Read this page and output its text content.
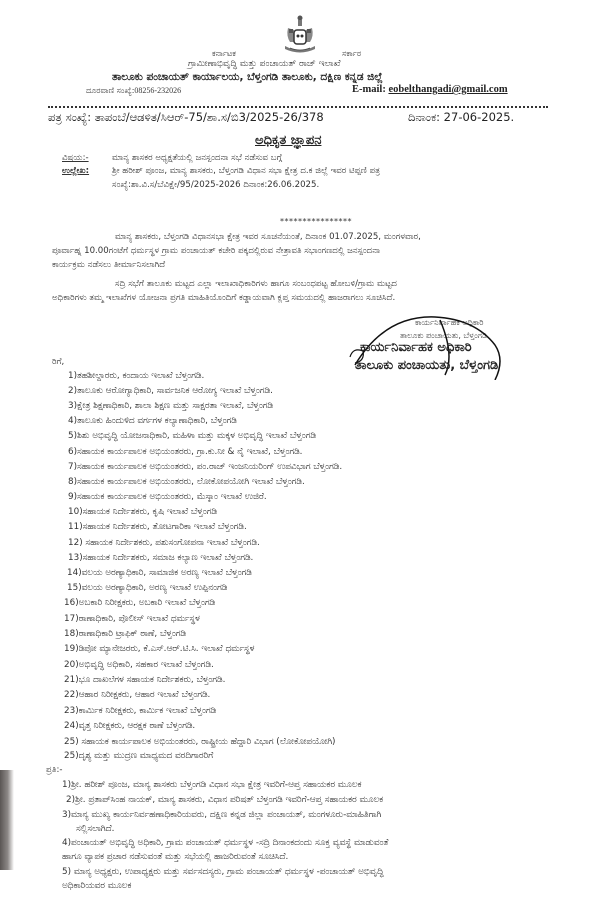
ಕರ್ನಾಟಕ	ಸರ್ಕಾರ
ಗ್ರಾಮೀಣಾಭಿವೃದ್ಧಿ ಮತ್ತು ಪಂಚಾಯತ್ ರಾಜ್ ಇಲಾಖೆ
ತಾಲೂಕು ಪಂಚಾಯತ್ ಕಾರ್ಯಾಲಯ, ಬೆಳ್ತಂಗಡಿ ತಾಲೂಕು, ದಕ್ಷಿಣ ಕನ್ನಡ ಜಿಲ್ಲೆ
ದೂರವಾಣಿ ಸಂಖ್ಯೆ:08256-232026	E-mail: eobelthangadi@gmail.com
ಪತ್ರ ಸಂಖ್ಯೆ: ತಾಪಂಬೆ/ಆಡಳಿತ/ಸಿಆರ್-75/ಶಾ.ಸ/ಬಿ3/2025-26/378	ದಿನಾಂಕ: 27-06-2025.
ಅಧಿಕೃತ ಜ್ಞಾಪನ
ವಿಷಯ:-	ಮಾನ್ಯ ಶಾಸಕರ ಅಧ್ಯಕ್ಷತೆಯಲ್ಲಿ ಜನಸ್ಪಂದನಾ ಸಭೆ ನಡೆಸುವ ಬಗ್ಗೆ
ಉಲ್ಲೇಖ:	ಶ್ರೀ ಹರೀಶ್ ಪೂಂಜ, ಮಾನ್ಯ ಶಾಸಕರು, ಬೆಳ್ತಂಗಡಿ ವಿಧಾನ ಸಭಾ ಕ್ಷೇತ್ರ ದ.ಕ ಜಿಲ್ಲೆ ಇವರ ಟಿಪ್ಪಣಿ ಪತ್ರ
ಸಂಖ್ಯೆ:ಶಾ.ವಿ.ಸ/ಬೆವಿಕ್ಷೇ/95/2025-2026 ದಿನಾಂಕ:26.06.2025.
****************
ಮಾನ್ಯ ಶಾಸಕರು, ಬೆಳ್ತಂಗಡಿ ವಿಧಾನಸಭಾ ಕ್ಷೇತ್ರ ಇವರ ಸೂಚನೆಯಂತೆ, ದಿನಾಂಕ 01.07.2025, ಮಂಗಳವಾರ,
ಪೂರ್ವಾಹ್ನ 10.00ಗಂಟೆಗೆ ಧರ್ಮಸ್ಥಳ ಗ್ರಾಮ ಪಂಚಾಯತ್ ಕಚೇರಿ ಪಕ್ಕದಲ್ಲಿರುವ ನೇತ್ರಾವತಿ ಸಭಾಂಗಣದಲ್ಲಿ ಜನಸ್ಪಂದನಾ
ಕಾರ್ಯಕ್ರಮ ನಡೆಸಲು ತೀರ್ಮಾನಿಸಲಾಗಿದೆ
ಸದ್ರಿ ಸಭೆಗೆ ತಾಲೂಕು ಮಟ್ಟದ ಎಲ್ಲಾ ಇಲಾಖಾಧಿಕಾರಿಗಳು ಹಾಗೂ ಸಂಬಂಧಪಟ್ಟ ಹೋಬಳಿ/ಗ್ರಾಮ ಮಟ್ಟದ
ಅಧಿಕಾರಿಗಳು ತಮ್ಮ ಇಲಾಖೆಗಳ ಯೋಜನಾ ಪ್ರಗತಿ ಮಾಹಿತಿಯೊಂದಿಗೆ ಕಡ್ಡಾಯವಾಗಿ ಕ್ಲಪ್ತ ಸಮಯದಲ್ಲಿ ಹಾಜರಾಗಲು ಸೂಚಿಸಿದೆ.
ಕಾರ್ಯನಿರ್ವಾಹಕ ಅಧಿಕಾರಿ
ತಾಲೂಕು ಪಂಚಾಯತು, ಬೆಳ್ತಂಗಡಿ.
ಕಾರ್ಯನಿರ್ವಾಹಕ ಅಧಿಕಾರಿ
ತಾಲೂಕು ಪಂಚಾಯತು, ಬೆಳ್ತಂಗಡಿ
ರಿಗೆ,
1)ತಹಶೀಲ್ದಾರರು, ಕಂದಾಯ ಇಲಾಖೆ ಬೆಳ್ತಂಗಡಿ.
2)ತಾಲೂಕು ಆರೋಗ್ಯಾಧಿಕಾರಿ, ಸಾರ್ವಜನಿಕ ಆರೋಗ್ಯ ಇಲಾಖೆ ಬೆಳ್ತಂಗಡಿ.
3)ಕ್ಷೇತ್ರ ಶಿಕ್ಷಣಾಧಿಕಾರಿ, ಶಾಲಾ ಶಿಕ್ಷಣ ಮತ್ತು ಸಾಕ್ಷರತಾ ಇಲಾಖೆ, ಬೆಳ್ತಂಗಡಿ
4)ತಾಲೂಕು ಹಿಂದುಳಿದ ವರ್ಗಗಳ ಕಲ್ಯಾಣಾಧಿಕಾರಿ, ಬೆಳ್ತಂಗಡಿ
5)ಶಿಶು ಅಭಿವೃದ್ಧಿ ಯೋಜನಾಧಿಕಾರಿ, ಮಹಿಳಾ ಮತ್ತು ಮಕ್ಕಳ ಅಭಿವೃದ್ಧಿ ಇಲಾಖೆ ಬೆಳ್ತಂಗಡಿ
6)ಸಹಾಯಕ ಕಾರ್ಯಪಾಲಕ ಅಭಿಯಂತರರು, ಗ್ರಾ.ಕು.ನೀ & ನೈ ಇಲಾಖೆ, ಬೆಳ್ತಂಗಡಿ.
7)ಸಹಾಯಕ ಕಾರ್ಯಪಾಲಕ ಅಭಿಯಂತರರು, ಪಂ.ರಾಜ್ ಇಂಜನಿಯರಿಂಗ್ ಉಪವಿಭಾಗ ಬೆಳ್ತಂಗಡಿ.
8)ಸಹಾಯಕ ಕಾರ್ಯಪಾಲಕ ಅಭಿಯಂತರರು, ಲೋಕೋಪಯೋಗಿ ಇಲಾಖೆ ಬೆಳ್ತಂಗಡಿ.
9)ಸಹಾಯಕ ಕಾರ್ಯಪಾಲಕ ಅಭಿಯಂತರರು, ಮೆಸ್ಕಾಂ ಇಲಾಖೆ ಉಜಿರೆ.
10)ಸಹಾಯಕ ನಿರ್ದೇಶಕರು, ಕೃಷಿ ಇಲಾಖೆ ಬೆಳ್ತಂಗಡಿ
11)ಸಹಾಯಕ ನಿರ್ದೇಶಕರು, ತೋಟಗಾರಿಕಾ ಇಲಾಖೆ ಬೆಳ್ತಂಗಡಿ.
12) ಸಹಾಯಕ ನಿರ್ದೇಶಕರು, ಪಶುಸಂಗೋಪನಾ ಇಲಾಖೆ ಬೆಳ್ತಂಗಡಿ.
13)ಸಹಾಯಕ ನಿರ್ದೇಶಕರು, ಸಮಾಜ ಕಲ್ಯಾಣ ಇಲಾಖೆ ಬೆಳ್ತಂಗಡಿ.
14)ವಲಯ ಅರಣ್ಯಾಧಿಕಾರಿ, ಸಾಮಾಜಿಕ ಅರಣ್ಯ ಇಲಾಖೆ ಬೆಳ್ತಂಗಡಿ
15)ವಲಯ ಅರಣ್ಯಾಧಿಕಾರಿ, ಅರಣ್ಯ ಇಲಾಖೆ ಉಪ್ಪಿನಂಗಡಿ
16)ಅಬಕಾರಿ ನಿರೀಕ್ಷಕರು, ಅಬಕಾರಿ ಇಲಾಖೆ ಬೆಳ್ತಂಗಡಿ
17)ಠಾಣಾಧಿಕಾರಿ, ಪೊಲೀಸ್ ಇಲಾಖೆ ಧರ್ಮಸ್ಥಳ
18)ಠಾಣಾಧಿಕಾರಿ ಟ್ರಾಫಿಕ್ ಠಾಣೆ, ಬೆಳ್ತಂಗಡಿ
19)ಡಿಪೋ ಮ್ಯಾನೇಜರರು, ಕೆ.ಎಸ್.ಆರ್.ಟಿ.ಸಿ. ಇಲಾಖೆ ಧರ್ಮಸ್ಥಳ
20)ಅಭಿವೃದ್ಧಿ ಅಧಿಕಾರಿ, ಸಹಕಾರ ಇಲಾಖೆ ಬೆಳ್ತಂಗಡಿ.
21)ಭೂ ದಾಖಲೆಗಳ ಸಹಾಯಕ ನಿರ್ದೇಶಕರು, ಬೆಳ್ತಂಗಡಿ.
22)ಆಹಾರ ನಿರೀಕ್ಷಕರು, ಆಹಾರ ಇಲಾಖೆ ಬೆಳ್ತಂಗಡಿ.
23)ಕಾರ್ಮಿಕ ನಿರೀಕ್ಷಕರು, ಕಾರ್ಮಿಕ ಇಲಾಖೆ ಬೆಳ್ತಂಗಡಿ
24)ವೃತ್ತ ನಿರೀಕ್ಷಕರು, ಆರಕ್ಷಕ ಠಾಣೆ ಬೆಳ್ತಂಗಡಿ.
25) ಸಹಾಯಕ ಕಾರ್ಯಪಾಲಕ ಅಭಿಯಂತರರು, ರಾಷ್ಟ್ರೀಯ ಹೆದ್ದಾರಿ ವಿಭಾಗ (ಲೋಕೋಪಯೋಗಿ)
25)ದೃಶ್ಯ ಮತ್ತು ಮುದ್ರಣ ಮಾಧ್ಯಮದ ವರದಿಗಾರರಿಗೆ
ಪ್ರತಿ:-
1)ಶ್ರೀ. ಹರೀಶ್ ಪೂಂಜ, ಮಾನ್ಯ ಶಾಸಕರು ಬೆಳ್ತಂಗಡಿ ವಿಧಾನ ಸಭಾ ಕ್ಷೇತ್ರ ಇವರಿಗೆ-ಆಪ್ತ ಸಹಾಯಕರ ಮೂಲಕ
2)ಶ್ರೀ. ಪ್ರತಾಪ್‌ಸಿಂಹ ನಾಯಕ್, ಮಾನ್ಯ ಶಾಸಕರು, ವಿಧಾನ ಪರಿಷತ್ ಬೆಳ್ತಂಗಡಿ ಇವರಿಗೆ-ಆಪ್ತ ಸಹಾಯಕರ ಮೂಲಕ
3)ಮಾನ್ಯ ಮುಖ್ಯ ಕಾರ್ಯನಿರ್ವಹಣಾಧಿಕಾರಿಯವರು, ದಕ್ಷಿಣ ಕನ್ನಡ ಜಿಲ್ಲಾ ಪಂಚಾಯತ್, ಮಂಗಳೂರು-ಮಾಹಿತಿಗಾಗಿ
ಸಲ್ಲಿಸಲಾಗಿದೆ.
4)ಪಂಚಾಯತ್ ಅಭಿವೃದ್ಧಿ ಅಧಿಕಾರಿ, ಗ್ರಾಮ ಪಂಚಾಯತ್ ಧರ್ಮಸ್ಥಳ -ಸದ್ರಿ ದಿನಾಂಕದಂದು ಸೂಕ್ತ ವ್ಯವಸ್ಥೆ ಮಾಡುವಂತೆ
ಹಾಗೂ ವ್ಯಾಪಕ ಪ್ರಚಾರ ನಡೆಸುವಂತೆ ಮತ್ತು ಸಭೆಯಲ್ಲಿ ಹಾಜರಿರುವಂತೆ ಸೂಚಿಸಿದೆ.
5) ಮಾನ್ಯ ಅಧ್ಯಕ್ಷರು, ಉಪಾಧ್ಯಕ್ಷರು ಮತ್ತು ಸರ್ವಸದಸ್ಯರು, ಗ್ರಾಮ ಪಂಚಾಯತ್ ಧರ್ಮಸ್ಥಳ -ಪಂಚಾಯತ್ ಅಭಿವೃದ್ಧಿ
ಅಧಿಕಾರಿಯವರ ಮೂಲಕ
